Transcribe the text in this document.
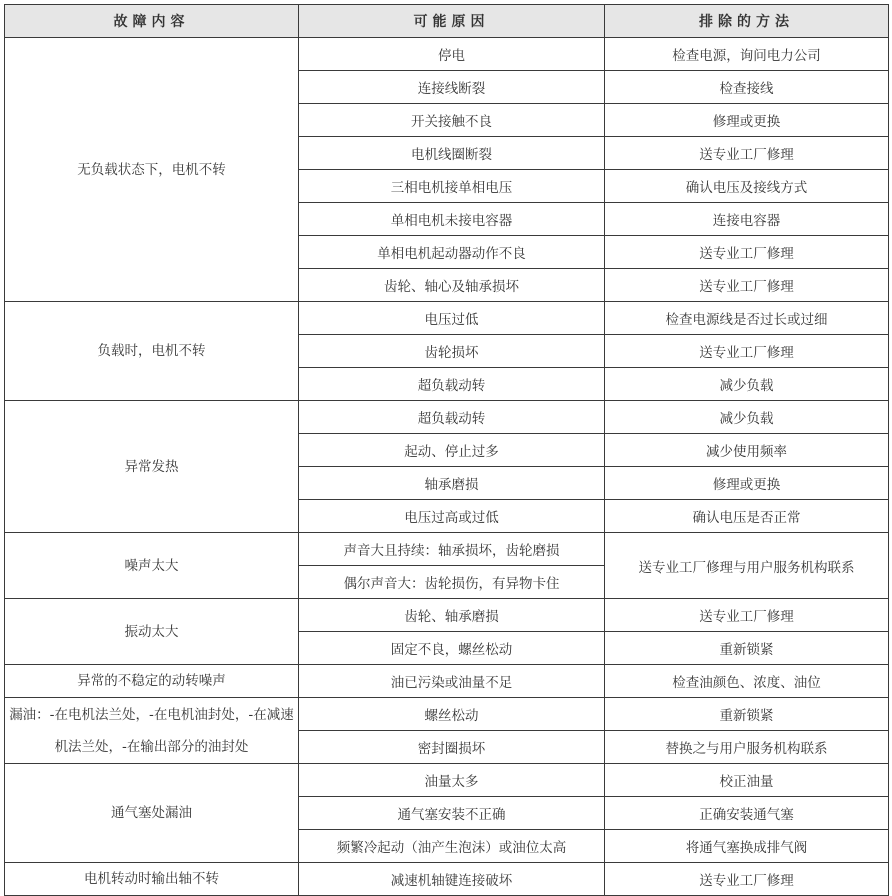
故障内容	可能原因	排除的方法
无负载状态下，电机不转	停电	检查电源，询问电力公司
	连接线断裂	检查接线
	开关接触不良	修理或更换
	电机线圈断裂	送专业工厂修理
	三相电机接单相电压	确认电压及接线方式
	单相电机未接电容器	连接电容器
	单相电机起动器动作不良	送专业工厂修理
	齿轮、轴心及轴承损坏	送专业工厂修理
负载时，电机不转	电压过低	检查电源线是否过长或过细
	齿轮损坏	送专业工厂修理
	超负载动转	减少负载
异常发热	超负载动转	减少负载
	起动、停止过多	减少使用频率
	轴承磨损	修理或更换
	电压过高或过低	确认电压是否正常
噪声太大	声音大且持续：轴承损坏，齿轮磨损	送专业工厂修理与用户服务机构联系
	偶尔声音大：齿轮损伤，有异物卡住	
振动太大	齿轮、轴承磨损	送专业工厂修理
	固定不良，螺丝松动	重新锁紧
异常的不稳定的动转噪声	油已污染或油量不足	检查油颜色、浓度、油位
漏油：-在电机法兰处，-在电机油封处，-在减速机法兰处，-在输出部分的油封处	螺丝松动	重新锁紧
	密封圈损坏	替换之与用户服务机构联系
通气塞处漏油	油量太多	校正油量
	通气塞安装不正确	正确安装通气塞
	频繁冷起动（油产生泡沫）或油位太高	将通气塞换成排气阀
电机转动时输出轴不转	减速机轴键连接破坏	送专业工厂修理
